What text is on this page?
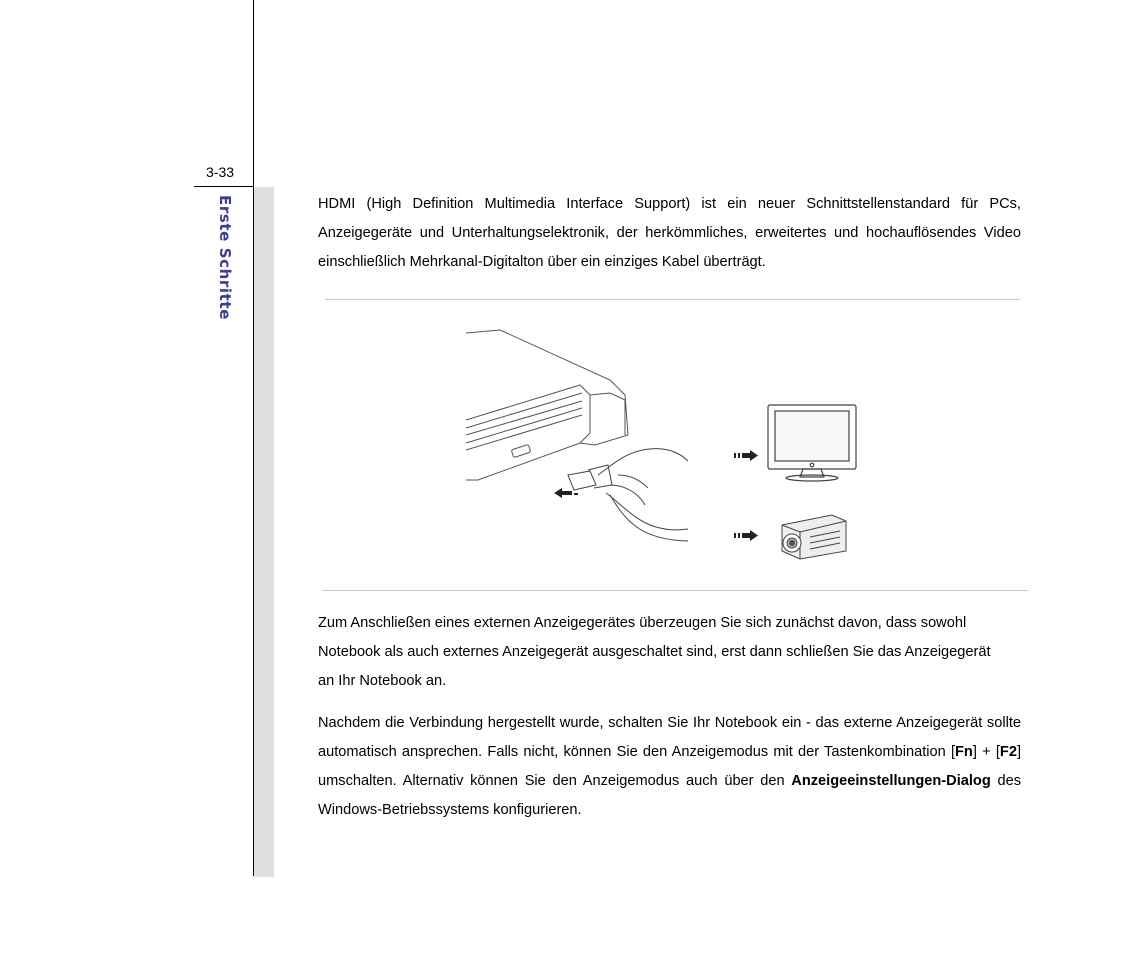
3-33
Erste Schritte	HDMI (High Definition Multimedia Interface Support) ist ein neuer Schnittstellenstandard für PCs, Anzeigegeräte und Unterhaltungselektronik, der herkömmliches, erweitertes und hochauflösendes Video einschließlich Mehrkanal-Digitalton über ein einziges Kabel überträgt.

Zum Anschließen eines externen Anzeigegerätes überzeugen Sie sich zunächst davon, dass sowohl Notebook als auch externes Anzeigegerät ausgeschaltet sind, erst dann schließen Sie das Anzeigegerät an Ihr Notebook an.

Nachdem die Verbindung hergestellt wurde, schalten Sie Ihr Notebook ein - das externe Anzeigegerät sollte automatisch ansprechen. Falls nicht, können Sie den Anzeigemodus mit der Tastenkombination [Fn] + [F2] umschalten. Alternativ können Sie den Anzeigemodus auch über den Anzeigeeinstellungen-Dialog des Windows-Betriebssystems konfigurieren.
